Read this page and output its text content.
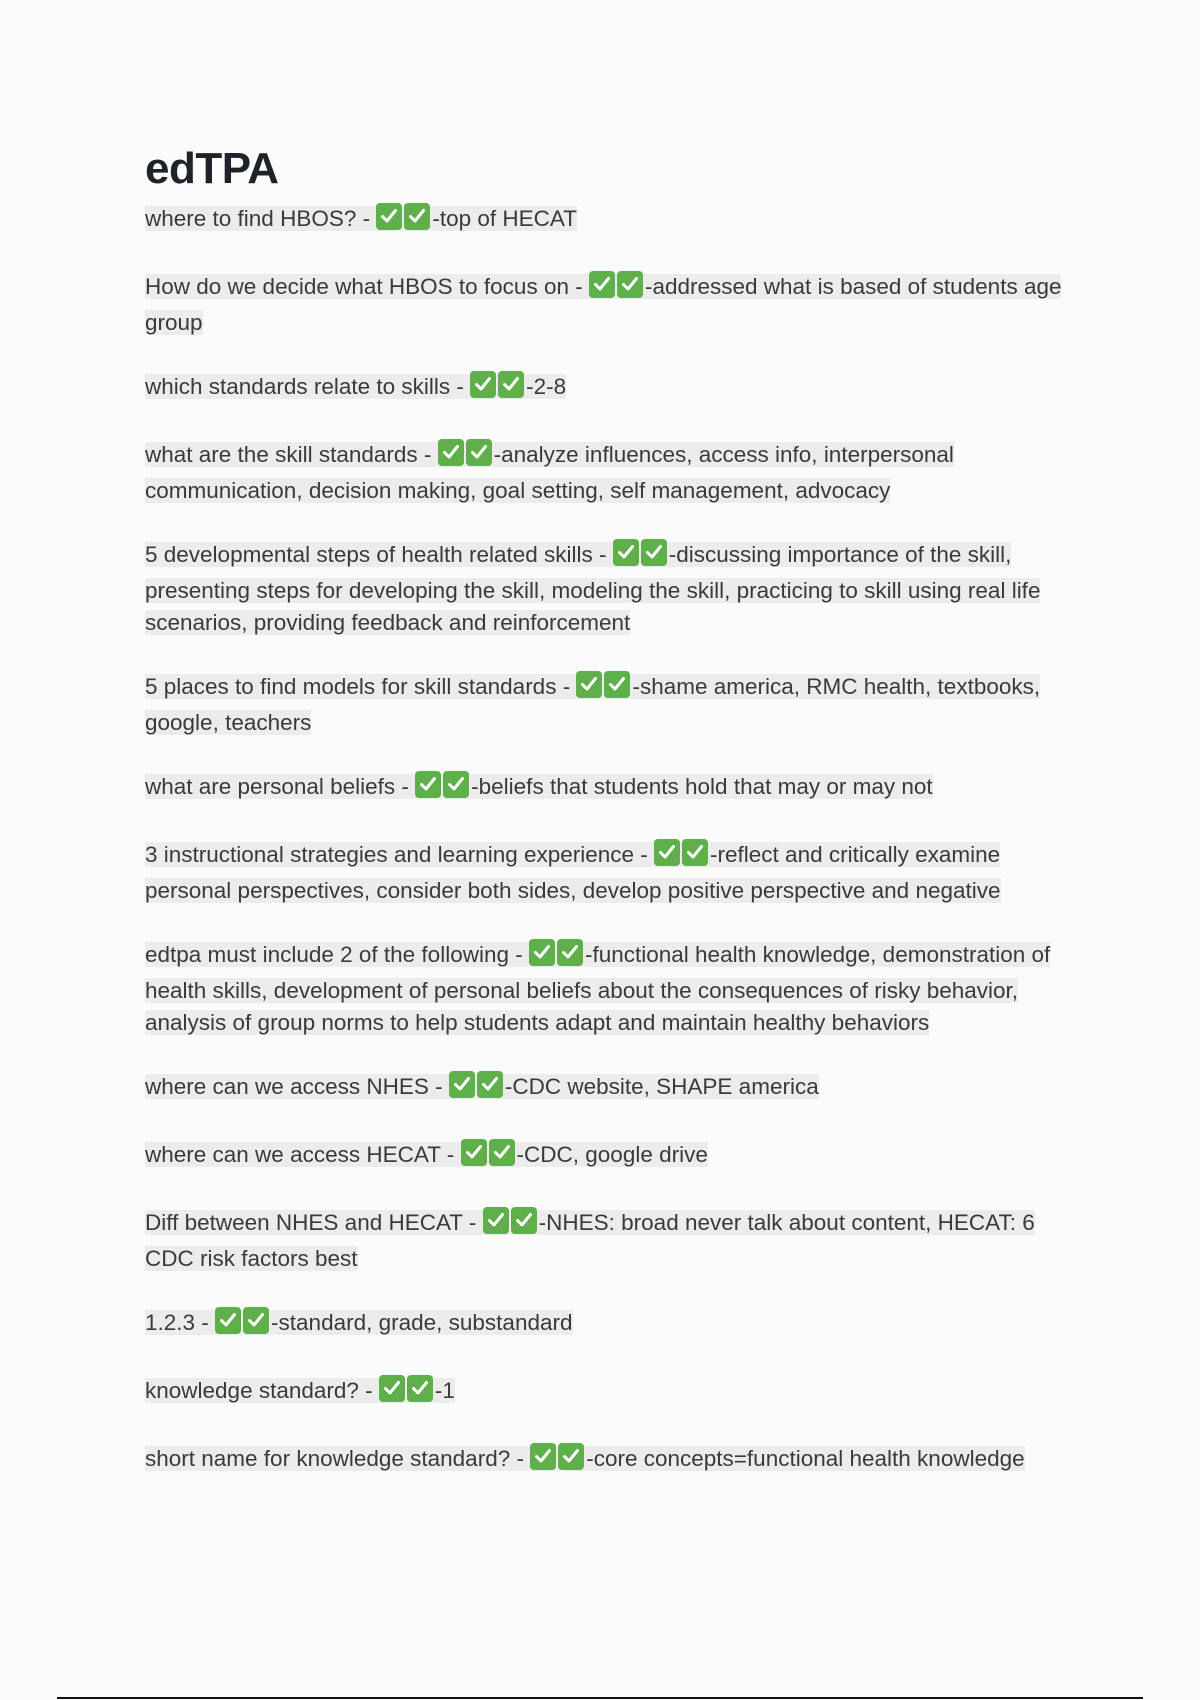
edTPA

where to find HBOS? -
-top of HECAT

How do we decide what HBOS to focus on -
-addressed what is based of students age group

which standards relate to skills -
-2-8

what are the skill standards -
-analyze influences, access info, interpersonal communication, decision making, goal setting, self management, advocacy

5 developmental steps of health related skills -
-discussing importance of the skill, presenting steps for developing the skill, modeling the skill, practicing to skill using real life scenarios, providing feedback and reinforcement

5 places to find models for skill standards -
-shame america, RMC health, textbooks, google, teachers

what are personal beliefs -
-beliefs that students hold that may or may not

3 instructional strategies and learning experience -
-reflect and critically examine personal perspectives, consider both sides, develop positive perspective and negative

edtpa must include 2 of the following -
-functional health knowledge, demonstration of health skills, development of personal beliefs about the consequences of risky behavior, analysis of group norms to help students adapt and maintain healthy behaviors

where can we access NHES -
-CDC website, SHAPE america

where can we access HECAT -
-CDC, google drive

Diff between NHES and HECAT -
-NHES: broad never talk about content, HECAT: 6 CDC risk factors best

1.2.3 -
-standard, grade, substandard

knowledge standard? -
-1

short name for knowledge standard? -
-core concepts=functional health knowledge
